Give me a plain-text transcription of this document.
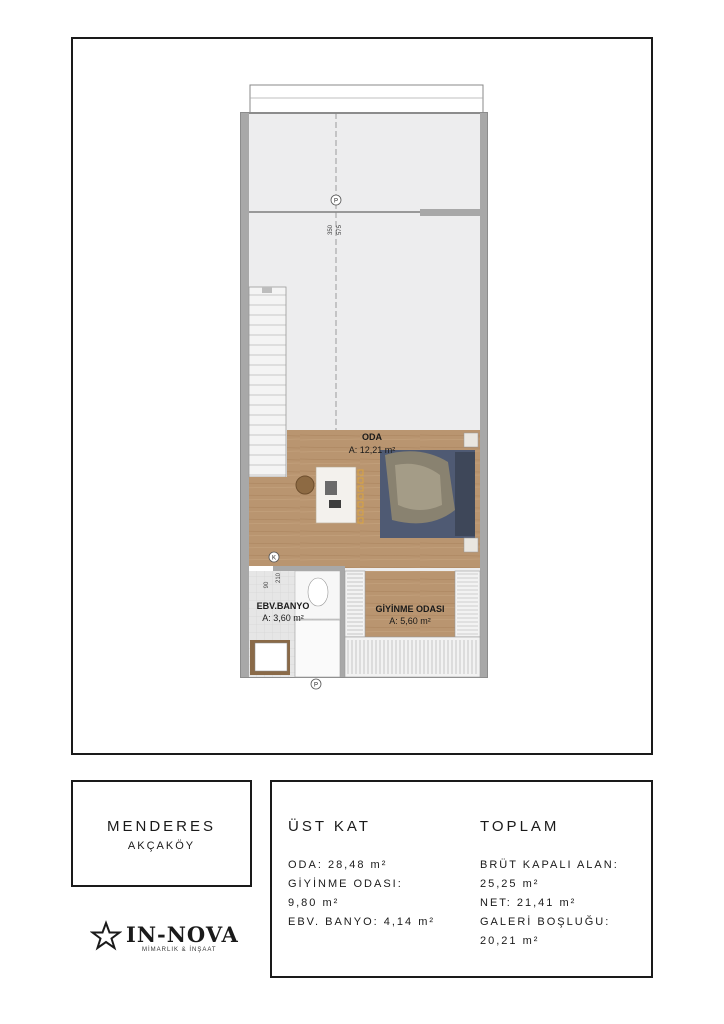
P
350 575
K
90
210
P
ODA
A: 12,21 m²
EBV.BANYO
A: 3,60 m²
GİYİNME ODASI
A: 5,60 m²
MENDERES
AKÇAKÖY
ÜST KAT
ODA: 28,48 m²
GİYİNME ODASI:
9,80 m²
EBV. BANYO: 4,14 m²
TOPLAM
BRÜT KAPALI ALAN:
25,25 m²
NET: 21,41 m²
GALERİ BOŞLUĞU:
20,21 m²
IN-NOVA
MİMARLIK & İNŞAAT
